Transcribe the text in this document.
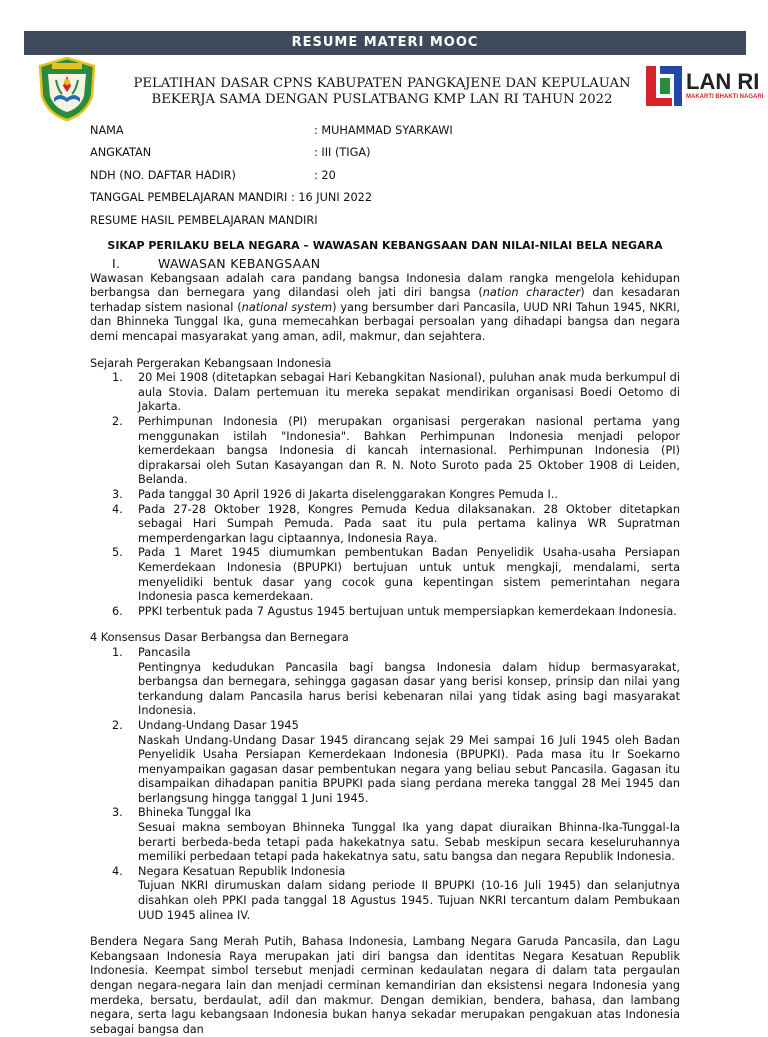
RESUME MATERI MOOC
PELATIHAN DASAR CPNS KABUPATEN PANGKAJENE DAN KEPULAUAN
BEKERJA SAMA DENGAN PUSLATBANG KMP LAN RI TAHUN 2022
LAN RI
MAKARTI BHAKTI NAGARI
NAMA	: MUHAMMAD SYARKAWI
ANGKATAN	: III (TIGA)
NDH (NO. DAFTAR HADIR)	: 20
TANGGAL PEMBELAJARAN MANDIRI : 16 JUNI 2022
RESUME HASIL PEMBELAJARAN MANDIRI
SIKAP PERILAKU BELA NEGARA – WAWASAN KEBANGSAAN DAN NILAI-NILAI BELA NEGARA
I.	WAWASAN KEBANGSAAN

Wawasan Kebangsaan adalah cara pandang bangsa Indonesia dalam rangka mengelola kehidupan berbangsa dan bernegara yang dilandasi oleh jati diri bangsa (nation character) dan kesadaran terhadap sistem nasional (national system) yang bersumber dari Pancasila, UUD NRI Tahun 1945, NKRI, dan Bhinneka Tunggal Ika, guna memecahkan berbagai persoalan yang dihadapi bangsa dan negara demi mencapai masyarakat yang aman, adil, makmur, dan sejahtera.

Sejarah Pergerakan Kebangsaan Indonesia
1.	20 Mei 1908 (ditetapkan sebagai Hari Kebangkitan Nasional), puluhan anak muda berkumpul di aula Stovia. Dalam pertemuan itu mereka sepakat mendirikan organisasi Boedi Oetomo di Jakarta.
2.	Perhimpunan Indonesia (PI) merupakan organisasi pergerakan nasional pertama yang menggunakan istilah "Indonesia". Bahkan Perhimpunan Indonesia menjadi pelopor kemerdekaan bangsa Indonesia di kancah internasional. Perhimpunan Indonesia (PI) diprakarsai oleh Sutan Kasayangan dan R. N. Noto Suroto pada 25 Oktober 1908 di Leiden, Belanda.
3.	Pada tanggal 30 April 1926 di Jakarta diselenggarakan Kongres Pemuda I..
4.	Pada 27-28 Oktober 1928, Kongres Pemuda Kedua dilaksanakan. 28 Oktober ditetapkan sebagai Hari Sumpah Pemuda. Pada saat itu pula pertama kalinya WR Supratman memperdengarkan lagu ciptaannya, Indonesia Raya.
5.	Pada 1 Maret 1945 diumumkan pembentukan Badan Penyelidik Usaha-usaha Persiapan Kemerdekaan Indonesia (BPUPKI) bertujuan untuk untuk mengkaji, mendalami, serta menyelidiki bentuk dasar yang cocok guna kepentingan sistem pemerintahan negara Indonesia pasca kemerdekaan.
6.	PPKI terbentuk pada 7 Agustus 1945 bertujuan untuk mempersiapkan kemerdekaan Indonesia.
4 Konsensus Dasar Berbangsa dan Bernegara
1.	Pancasila
Pentingnya kedudukan Pancasila bagi bangsa Indonesia dalam hidup bermasyarakat, berbangsa dan bernegara, sehingga gagasan dasar yang berisi konsep, prinsip dan nilai yang terkandung dalam Pancasila harus berisi kebenaran nilai yang tidak asing bagi masyarakat Indonesia.
2.	Undang-Undang Dasar 1945
Naskah Undang-Undang Dasar 1945 dirancang sejak 29 Mei sampai 16 Juli 1945 oleh Badan Penyelidik Usaha Persiapan Kemerdekaan Indonesia (BPUPKI). Pada masa itu Ir Soekarno menyampaikan gagasan dasar pembentukan negara yang beliau sebut Pancasila. Gagasan itu disampaikan dihadapan panitia BPUPKI pada siang perdana mereka tanggal 28 Mei 1945 dan berlangsung hingga tanggal 1 Juni 1945.
3.	Bhineka Tunggal Ika
Sesuai makna semboyan Bhinneka Tunggal Ika yang dapat diuraikan Bhinna-Ika-Tunggal-Ia berarti berbeda-beda tetapi pada hakekatnya satu. Sebab meskipun secara keseluruhannya memiliki perbedaan tetapi pada hakekatnya satu, satu bangsa dan negara Republik Indonesia.
4.	Negara Kesatuan Republik Indonesia
Tujuan NKRI dirumuskan dalam sidang periode II BPUPKI (10-16 Juli 1945) dan selanjutnya disahkan oleh PPKI pada tanggal 18 Agustus 1945. Tujuan NKRI tercantum dalam Pembukaan UUD 1945 alinea IV.

Bendera Negara Sang Merah Putih, Bahasa Indonesia, Lambang Negara Garuda Pancasila, dan Lagu Kebangsaan Indonesia Raya merupakan jati diri bangsa dan identitas Negara Kesatuan Republik Indonesia. Keempat simbol tersebut menjadi cerminan kedaulatan negara di dalam tata pergaulan dengan negara-negara lain dan menjadi cerminan kemandirian dan eksistensi negara Indonesia yang merdeka, bersatu, berdaulat, adil dan makmur. Dengan demikian, bendera, bahasa, dan lambang negara, serta lagu kebangsaan Indonesia bukan hanya sekadar merupakan pengakuan atas Indonesia sebagai bangsa dan
